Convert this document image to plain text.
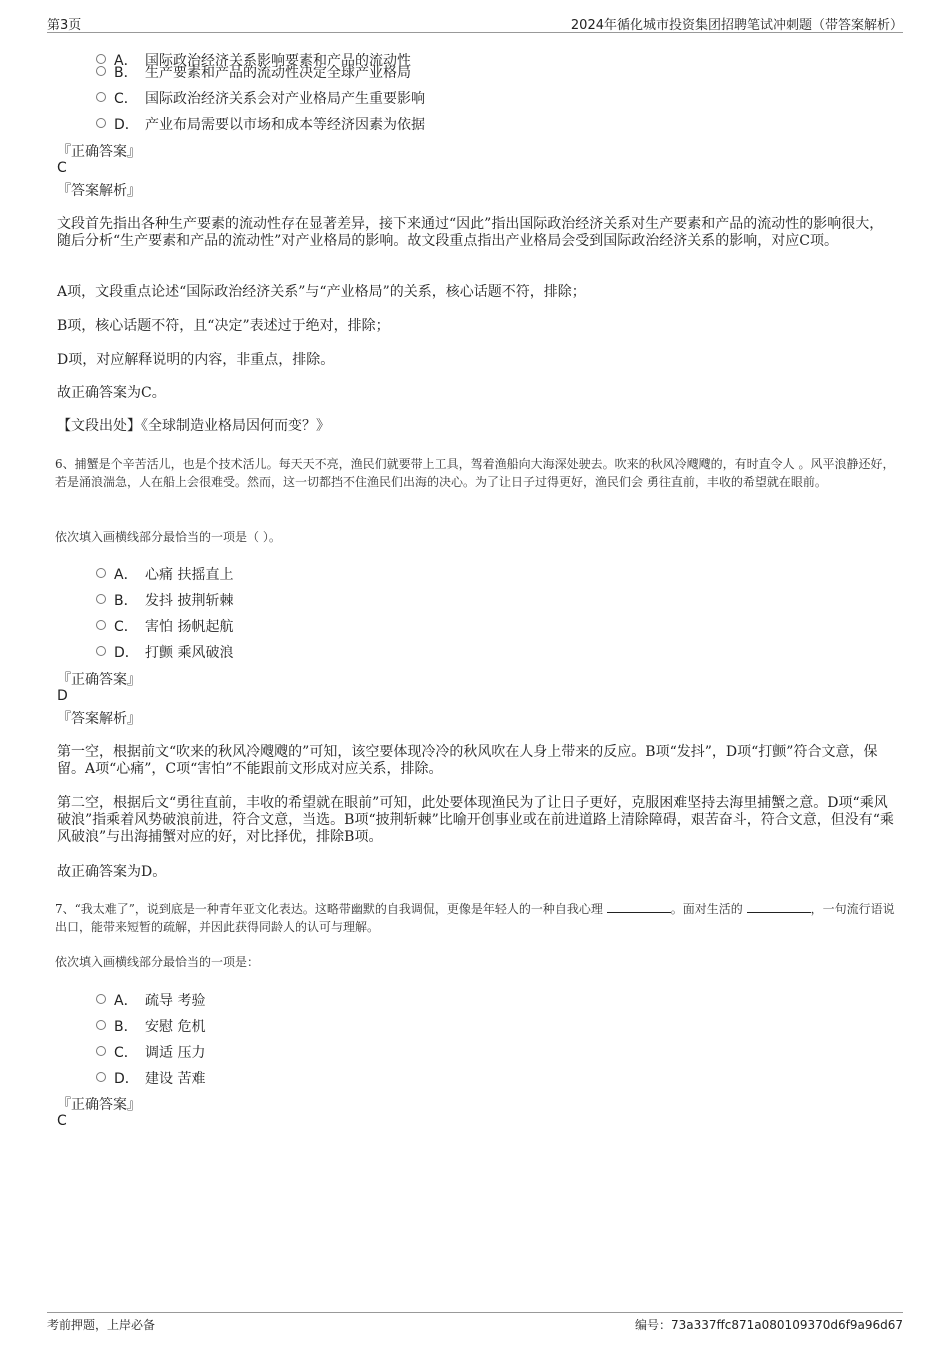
第3页	2024年循化城市投资集团招聘笔试冲刺题（带答案解析）
A． 国际政治经济关系影响要素和产品的流动性
B． 生产要素和产品的流动性决定全球产业格局
C． 国际政治经济关系会对产业格局产生重要影响
D． 产业布局需要以市场和成本等经济因素为依据
『正确答案』
C
『答案解析』
文段首先指出各种生产要素的流动性存在显著差异，接下来通过“因此”指出国际政治经济关系对生产要素和产品的流动性的影响很大，随后分析“生产要素和产品的流动性”对产业格局的影响。故文段重点指出产业格局会受到国际政治经济关系的影响，对应C项。
A项，文段重点论述“国际政治经济关系”与“产业格局”的关系，核心话题不符，排除；
B项，核心话题不符，且“决定”表述过于绝对，排除；
D项，对应解释说明的内容，非重点，排除。
故正确答案为C。
【文段出处】《全球制造业格局因何而变？》
6、捕蟹是个辛苦活儿，也是个技术活儿。每天天不亮，渔民们就要带上工具，驾着渔船向大海深处驶去。吹来的秋风冷飕飕的，有时直令人 。风平浪静还好，若是涌浪湍急，人在船上会很难受。然而，这一切都挡不住渔民们出海的决心。为了让日子过得更好，渔民们会 勇往直前，丰收的希望就在眼前。
依次填入画横线部分最恰当的一项是（ ）。
A． 心痛 扶摇直上
B． 发抖 披荆斩棘
C． 害怕 扬帆起航
D． 打颤 乘风破浪
『正确答案』
D
『答案解析』
第一空，根据前文“吹来的秋风冷飕飕的”可知，该空要体现冷冷的秋风吹在人身上带来的反应。B项“发抖”，D项“打颤”符合文意，保留。A项“心痛”，C项“害怕”不能跟前文形成对应关系，排除。
第二空，根据后文“勇往直前，丰收的希望就在眼前”可知，此处要体现渔民为了让日子更好，克服困难坚持去海里捕蟹之意。D项“乘风破浪”指乘着风势破浪前进，符合文意，当选。B项“披荆斩棘”比喻开创事业或在前进道路上清除障碍，艰苦奋斗，符合文意，但没有“乘风破浪”与出海捕蟹对应的好，对比择优，排除B项。
故正确答案为D。
7、“我太难了”，说到底是一种青年亚文化表达。这略带幽默的自我调侃，更像是年轻人的一种自我心理	。面对生活的	，一句流行语说出口，能带来短暂的疏解，并因此获得同龄人的认可与理解。
依次填入画横线部分最恰当的一项是：
A． 疏导 考验
B． 安慰 危机
C． 调适 压力
D． 建设 苦难
『正确答案』
C
考前押题，上岸必备	编号：73a337ffc871a080109370d6f9a96d67
